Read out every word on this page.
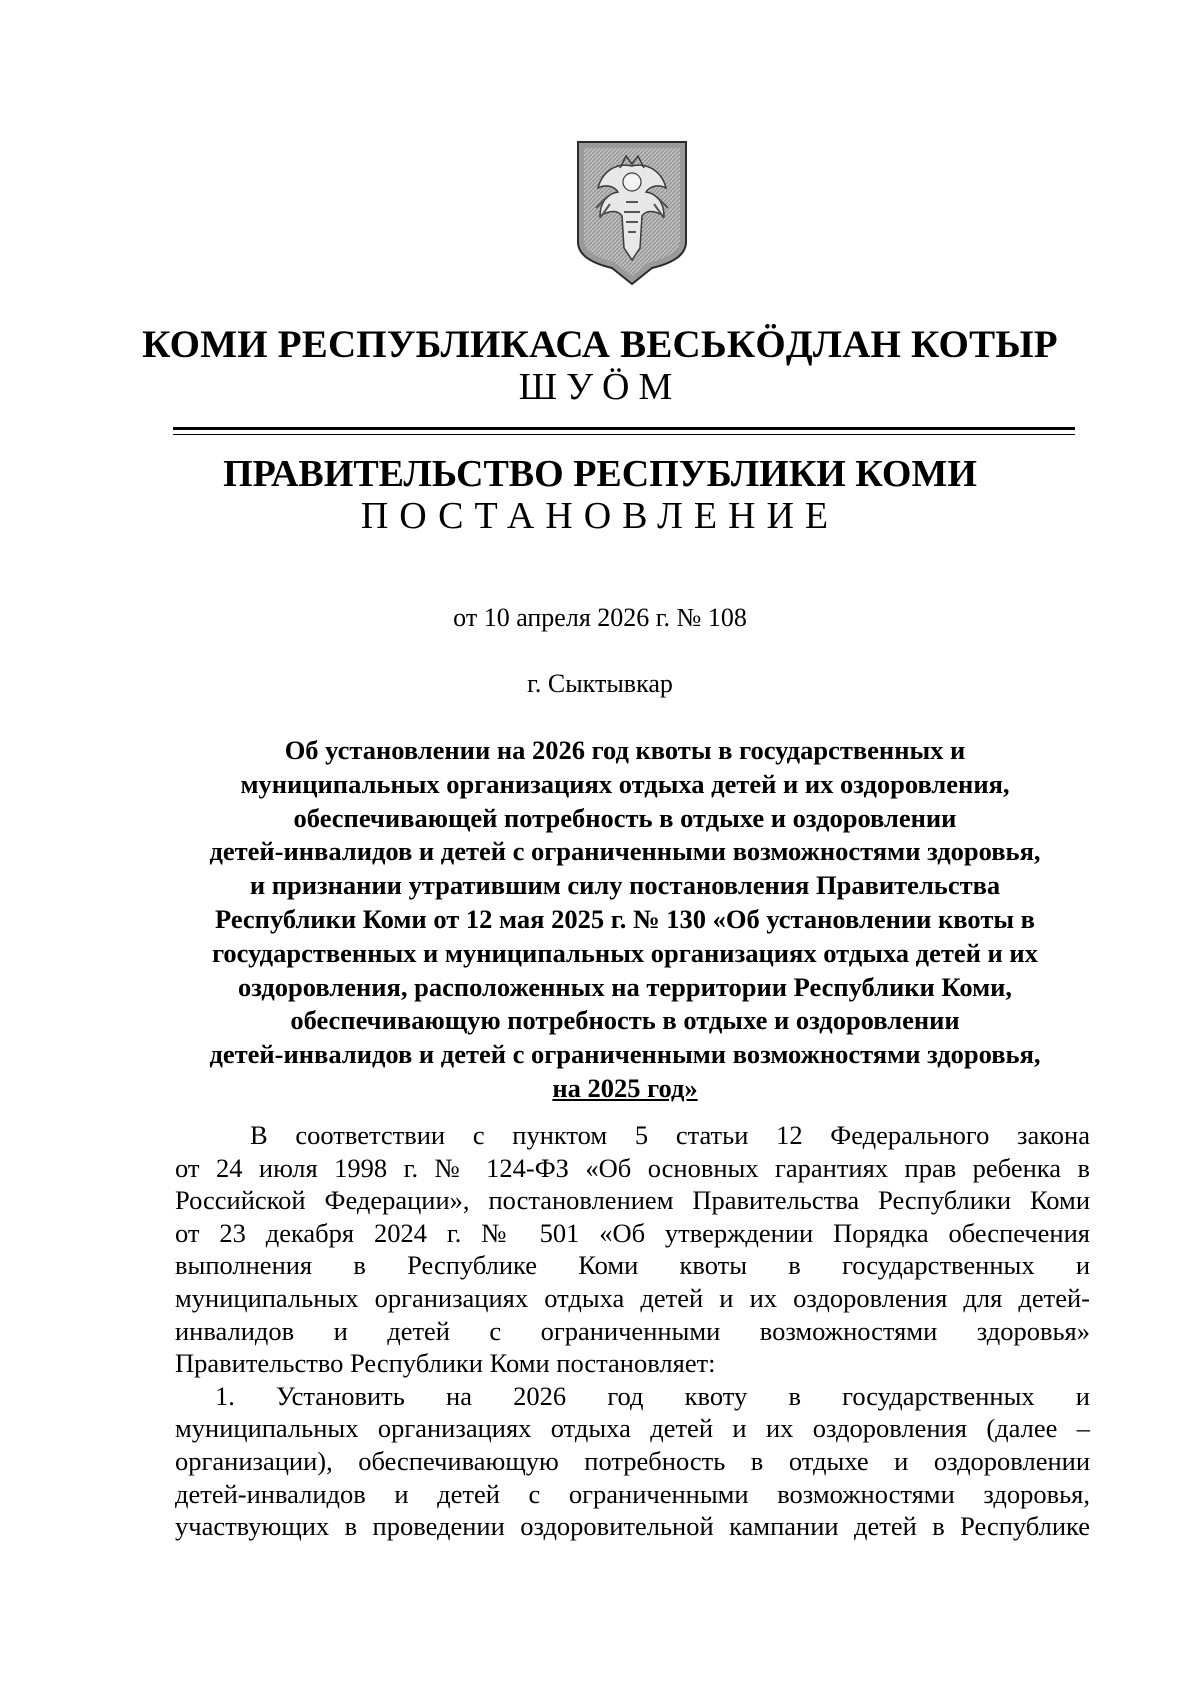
КОМИ РЕСПУБЛИКАСА ВЕСЬКӦДЛАН КОТЫР
ШУӦМ
ПРАВИТЕЛЬСТВО РЕСПУБЛИКИ КОМИ
ПОСТАНОВЛЕНИЕ
от 10 апреля 2026 г. № 108
г. Сыктывкар
Об установлении на 2026 год квоты в государственных и
муниципальных организациях отдыха детей и их оздоровления,
обеспечивающей потребность в отдыхе и оздоровлении
детей-инвалидов и детей с ограниченными возможностями здоровья,
и признании утратившим силу постановления Правительства
Республики Коми от 12 мая 2025 г. № 130 «Об установлении квоты в
государственных и муниципальных организациях отдыха детей и их
оздоровления, расположенных на территории Республики Коми,
обеспечивающую потребность в отдыхе и оздоровлении
детей-инвалидов и детей с ограниченными возможностями здоровья,
на 2025 год»
В соответствии с пунктом 5 статьи 12 Федерального закона
от 24 июля 1998 г. № 124-ФЗ «Об основных гарантиях прав ребенка в
Российской Федерации», постановлением Правительства Республики Коми
от 23 декабря 2024 г. № 501 «Об утверждении Порядка обеспечения
выполнения в Республике Коми квоты в государственных и
муниципальных организациях отдыха детей и их оздоровления для детей-
инвалидов и детей с ограниченными возможностями здоровья»
Правительство Республики Коми постановляет:
1. Установить на 2026 год квоту в государственных и
муниципальных организациях отдыха детей и их оздоровления (далее –
организации), обеспечивающую потребность в отдыхе и оздоровлении
детей-инвалидов и детей с ограниченными возможностями здоровья,
участвующих в проведении оздоровительной кампании детей в Республике
